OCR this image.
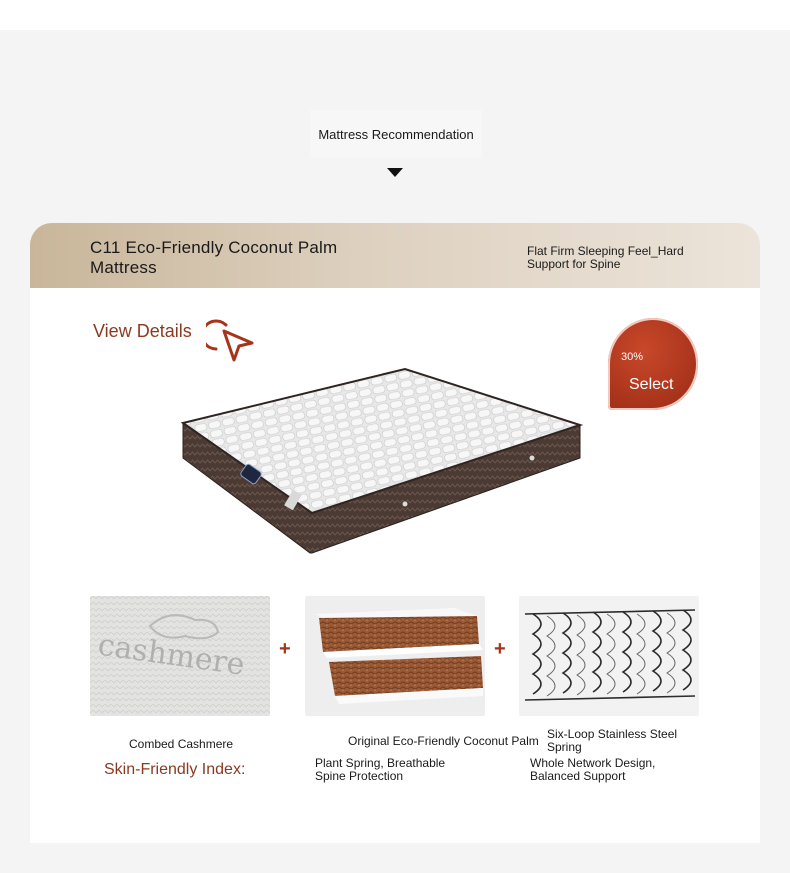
Mattress Recommendation
C11 Eco-Friendly Coconut Palm Mattress
Flat Firm Sleeping Feel_Hard Support for Spine
View Details
30%
Select
cashmere +	+
Combed Cashmere	Original Eco-Friendly Coconut Palm Six-Loop Stainless Steel Spring
Skin-Friendly Index:	Plant Spring, Breathable Spine Protection
Whole Network Design, Balanced Support
